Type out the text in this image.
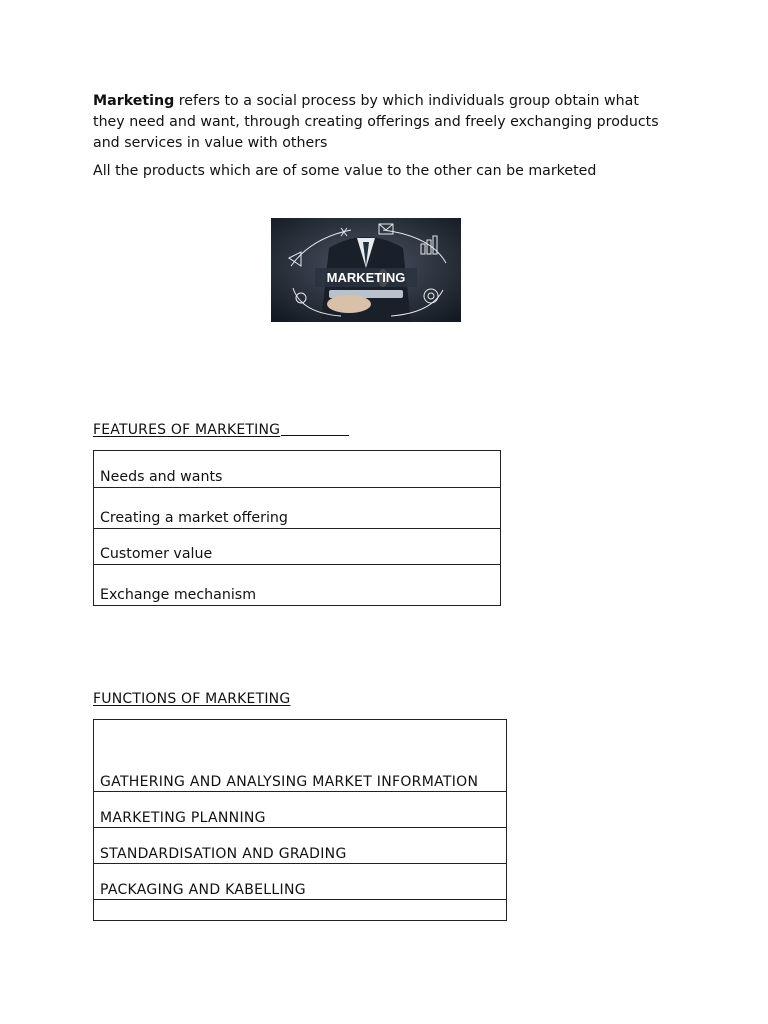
Marketing refers to a social process by which individuals group obtain what they need and want, through creating offerings and freely exchanging products and services in value with others

All the products which are of some value to the other can be marketed

MARKETING
FEATURES OF MARKETING
Needs and wants
Creating a market offering
Customer value
Exchange mechanism
FUNCTIONS OF MARKETING
GATHERING AND ANALYSING MARKET INFORMATION
MARKETING PLANNING
STANDARDISATION AND GRADING
PACKAGING AND KABELLING
